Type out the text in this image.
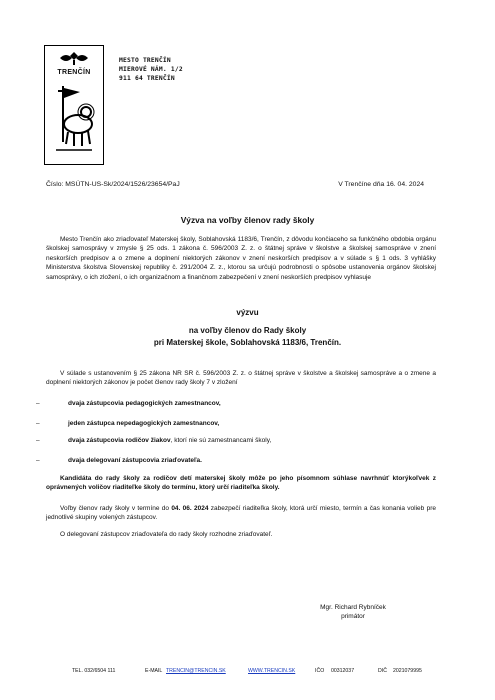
TRENČÍN
MESTO TRENČÍN
MIEROVÉ NÁM. 1/2
911 64 TRENČÍN
Číslo: MSÚTN-US-Sk/2024/1526/23654/PaJ	V Trenčíne dňa 16. 04. 2024
Výzva na voľby členov rady školy
Mesto Trenčín ako zriaďovateľ Materskej školy, Soblahovská 1183/6, Trenčín, z dôvodu končiaceho sa funkčného obdobia orgánu školskej samosprávy v zmysle § 25 ods. 1 zákona č. 596/2003 Z. z. o štátnej správe v školstve a školskej samospráve v znení neskorších predpisov a o zmene a doplnení niektorých zákonov v znení neskorších predpisov a v súlade s § 1 ods. 3 vyhlášky Ministerstva školstva Slovenskej republiky č. 291/2004 Z. z., ktorou sa určujú podrobnosti o spôsobe ustanovenia orgánov školskej samosprávy, o ich zložení, o ich organizačnom a finančnom zabezpečení v znení neskorších predpisov vyhlasuje
výzvu
na voľby členov do Rady školy
pri Materskej škole, Soblahovská 1183/6, Trenčín.
V súlade s ustanovením § 25 zákona NR SR č. 596/2003 Z. z. o štátnej správe v školstve a školskej samospráve a o zmene a doplnení niektorých zákonov je počet členov rady školy 7 v zložení
–	dvaja zástupcovia pedagogických zamestnancov,
–	jeden zástupca nepedagogických zamestnancov,
–	dvaja zástupcovia rodičov žiakov, ktorí nie sú zamestnancami školy,
–	dvaja delegovaní zástupcovia zriaďovateľa.
Kandidáta do rady školy za rodičov detí materskej školy môže po jeho písomnom súhlase navrhnúť ktorýkoľvek z oprávnených voličov riaditeľke školy do termínu, ktorý určí riaditeľka školy.
Voľby členov rady školy v termíne do 04. 06. 2024 zabezpečí riaditeľka školy, ktorá určí miesto, termín a čas konania volieb pre jednotlivé skupiny volených zástupcov.
O delegovaní zástupcov zriaďovateľa do rady školy rozhodne zriaďovateľ.
Mgr. Richard Rybníček
primátor
TEL. 032/6504 111	E-MAIL TRENCIN@TRENCIN.SK	WWW.TRENCIN.SK	IČO 00312037	DIČ 2021079995
